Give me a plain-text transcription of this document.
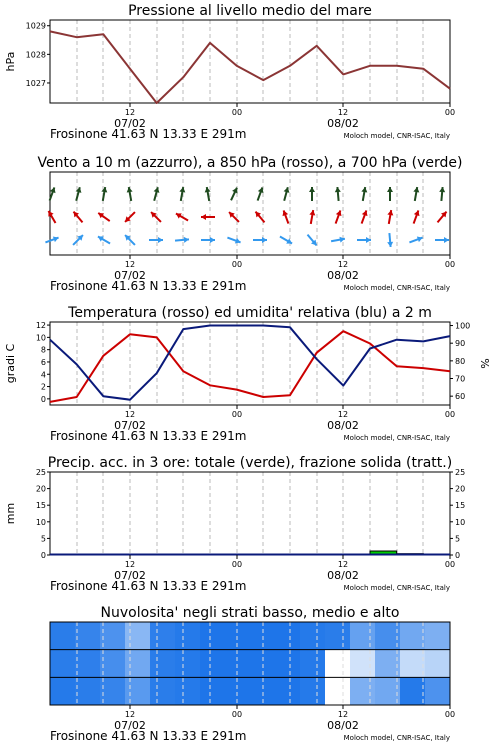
Pressione al livello medio del mare
1027
1028
1029
hPa
12	00	12	00
07/02	08/02
Frosinone 41.63 N 13.33 E 291m	Moloch model, CNR-ISAC, Italy
Vento a 10 m (azzurro), a 850 hPa (rosso), a 700 hPa (verde)
12	00	12	00
07/02	08/02
Frosinone 41.63 N 13.33 E 291m	Moloch model, CNR-ISAC, Italy
Temperatura (rosso) ed umidita' relativa (blu) a 2 m
0
2
4
6
8
10
12
60
70
80
90
100
gradi C	%
12	00	12	00
07/02	08/02
Frosinone 41.63 N 13.33 E 291m	Moloch model, CNR-ISAC, Italy
Precip. acc. in 3 ore: totale (verde), frazione solida (tratt.)
0
5
10
15
20
25
0
5
10
15
20
25
mm
12	00	12	00
07/02	08/02
Frosinone 41.63 N 13.33 E 291m	Moloch model, CNR-ISAC, Italy
Nuvolosita' negli strati basso, medio e alto
12	00	12	00
07/02	08/02
Frosinone 41.63 N 13.33 E 291m	Moloch model, CNR-ISAC, Italy
